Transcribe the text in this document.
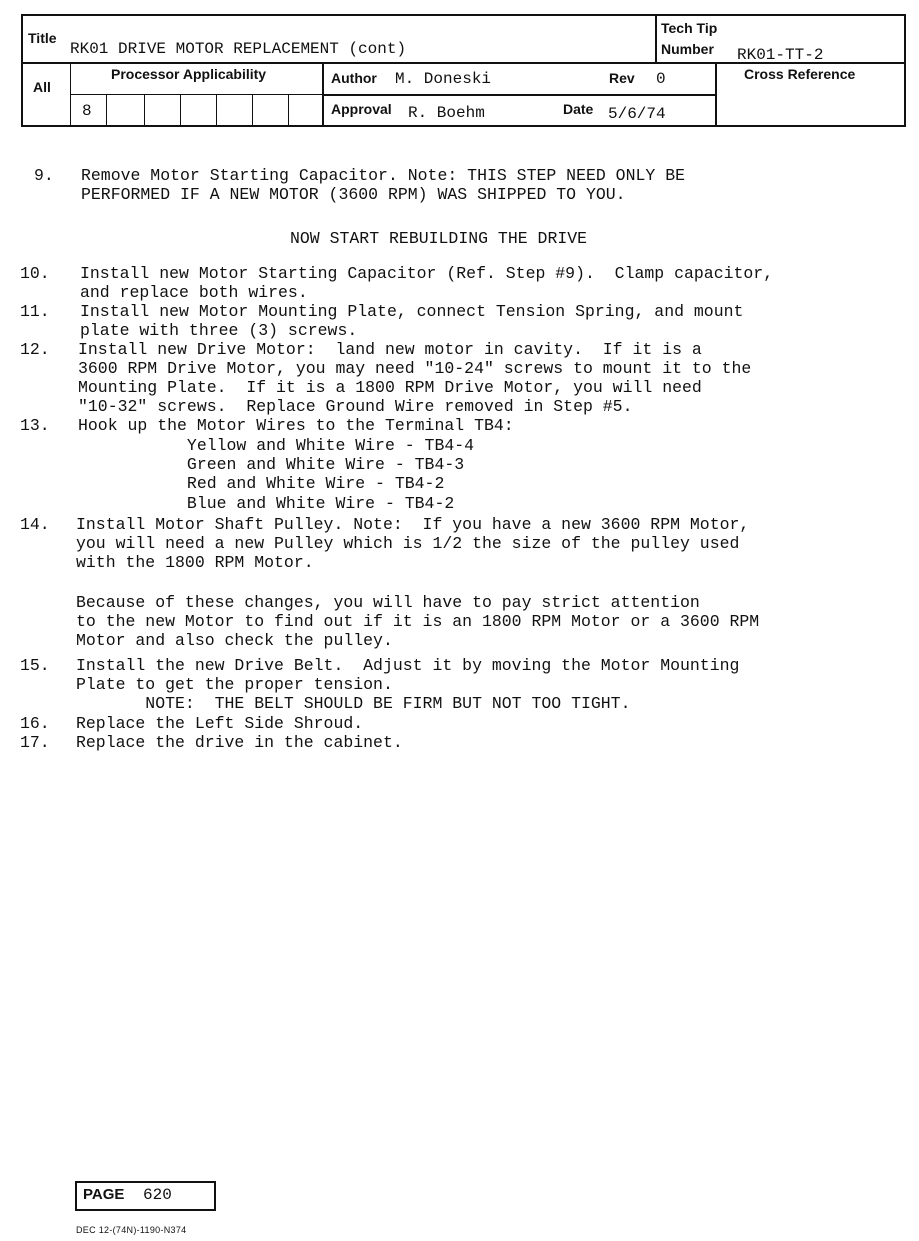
Title
RK01 DRIVE MOTOR REPLACEMENT (cont)
Tech Tip
Number RK01-TT-2
All
Processor Applicability
8
Author M. Doneski	Rev 0
Approval R. Boehm	Date 5/6/74
Cross Reference
9. Remove Motor Starting Capacitor. Note: THIS STEP NEED ONLY BE
PERFORMED IF A NEW MOTOR (3600 RPM) WAS SHIPPED TO YOU.
NOW START REBUILDING THE DRIVE
10. Install new Motor Starting Capacitor (Ref. Step #9).  Clamp capacitor,
and replace both wires.
11. Install new Motor Mounting Plate, connect Tension Spring, and mount
plate with three (3) screws.
12. Install new Drive Motor:  land new motor in cavity.  If it is a
3600 RPM Drive Motor, you may need "10-24" screws to mount it to the
Mounting Plate.  If it is a 1800 RPM Drive Motor, you will need
"10-32" screws.  Replace Ground Wire removed in Step #5.
13. Hook up the Motor Wires to the Terminal TB4:
Yellow and White Wire - TB4-4
Green and White Wire - TB4-3
Red and White Wire - TB4-2
Blue and White Wire - TB4-2
14. Install Motor Shaft Pulley. Note:  If you have a new 3600 RPM Motor,
you will need a new Pulley which is 1/2 the size of the pulley used
with the 1800 RPM Motor.
Because of these changes, you will have to pay strict attention
to the new Motor to find out if it is an 1800 RPM Motor or a 3600 RPM
Motor and also check the pulley.
15. Install the new Drive Belt.  Adjust it by moving the Motor Mounting
Plate to get the proper tension.
NOTE:  THE BELT SHOULD BE FIRM BUT NOT TOO TIGHT.
16. Replace the Left Side Shroud.
17. Replace the drive in the cabinet.
PAGE 620
DEC 12-(74N)-1190-N374
